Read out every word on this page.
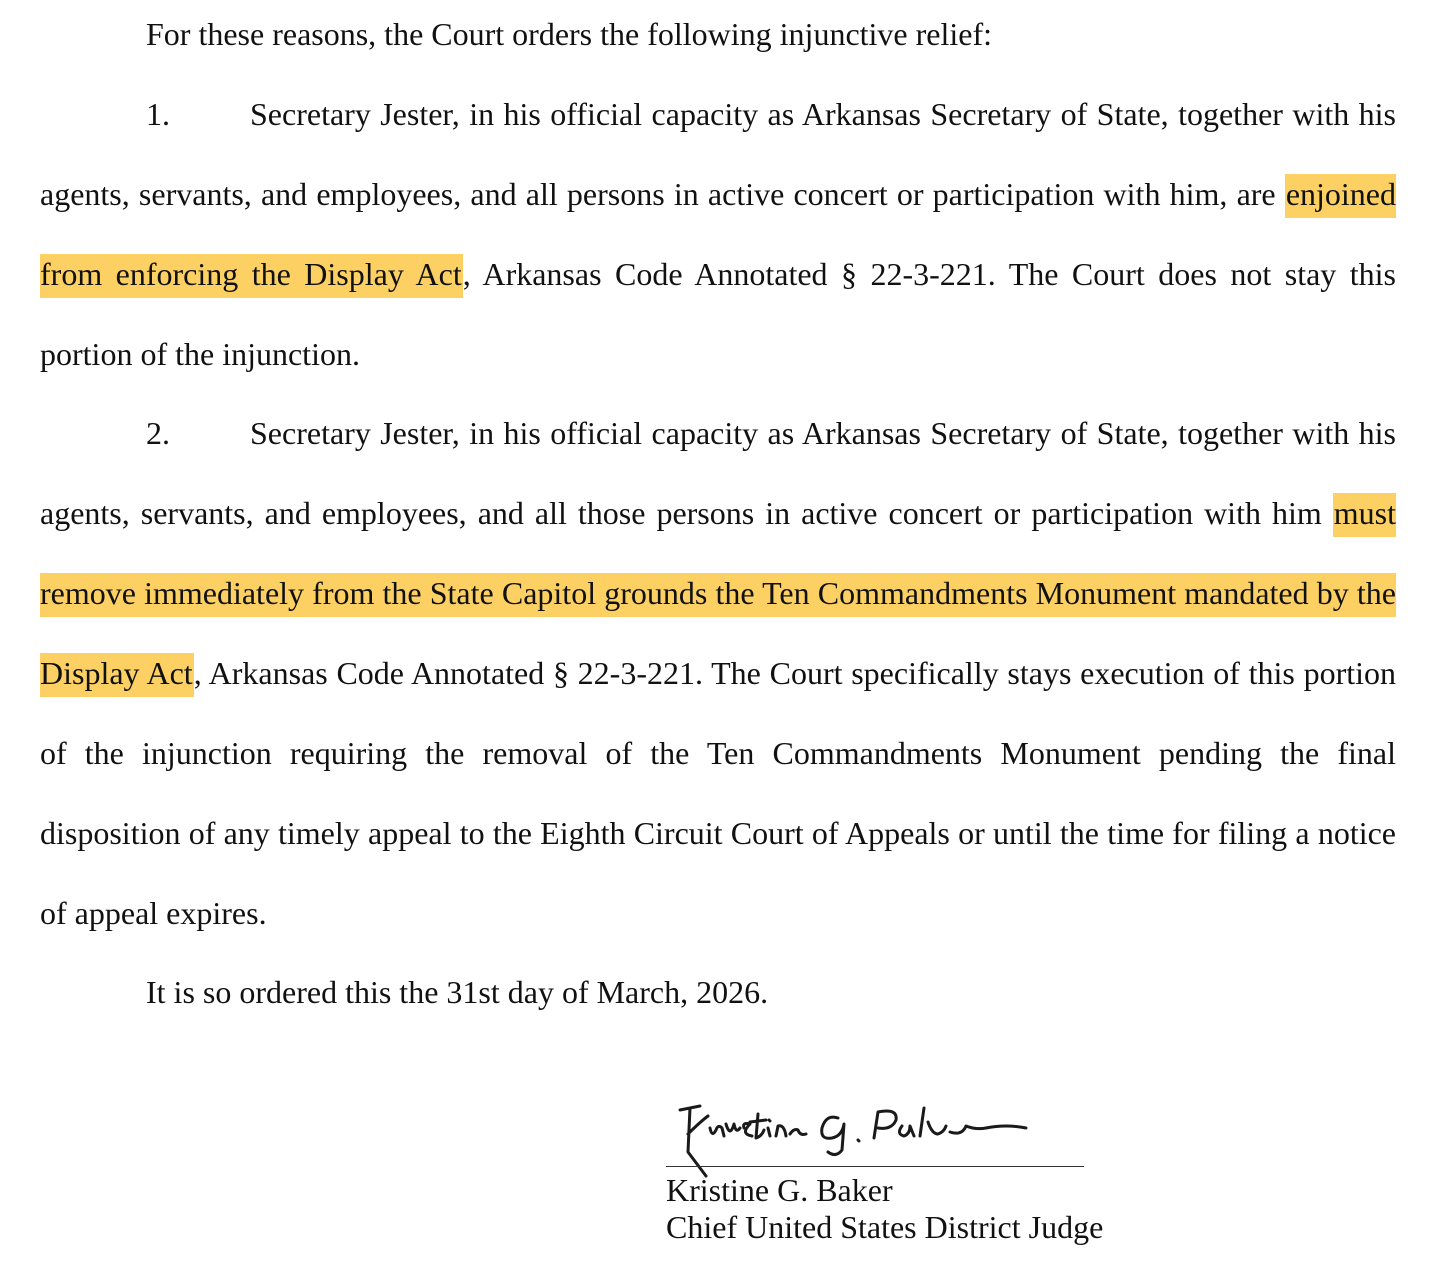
For these reasons, the Court orders the following injunctive relief:

1.	Secretary Jester, in his official capacity as Arkansas Secretary of State, together with his agents, servants, and employees, and all persons in active concert or participation with him, are enjoined from enforcing the Display Act, Arkansas Code Annotated § 22-3-221. The Court does not stay this portion of the injunction.

2.	Secretary Jester, in his official capacity as Arkansas Secretary of State, together with his agents, servants, and employees, and all those persons in active concert or participation with him must remove immediately from the State Capitol grounds the Ten Commandments Monument mandated by the Display Act, Arkansas Code Annotated § 22-3-221. The Court specifically stays execution of this portion of the injunction requiring the removal of the Ten Commandments Monument pending the final disposition of any timely appeal to the Eighth Circuit Court of Appeals or until the time for filing a notice of appeal expires.

It is so ordered this the 31st day of March, 2026.

Kristine G. Baker
Chief United States District Judge
